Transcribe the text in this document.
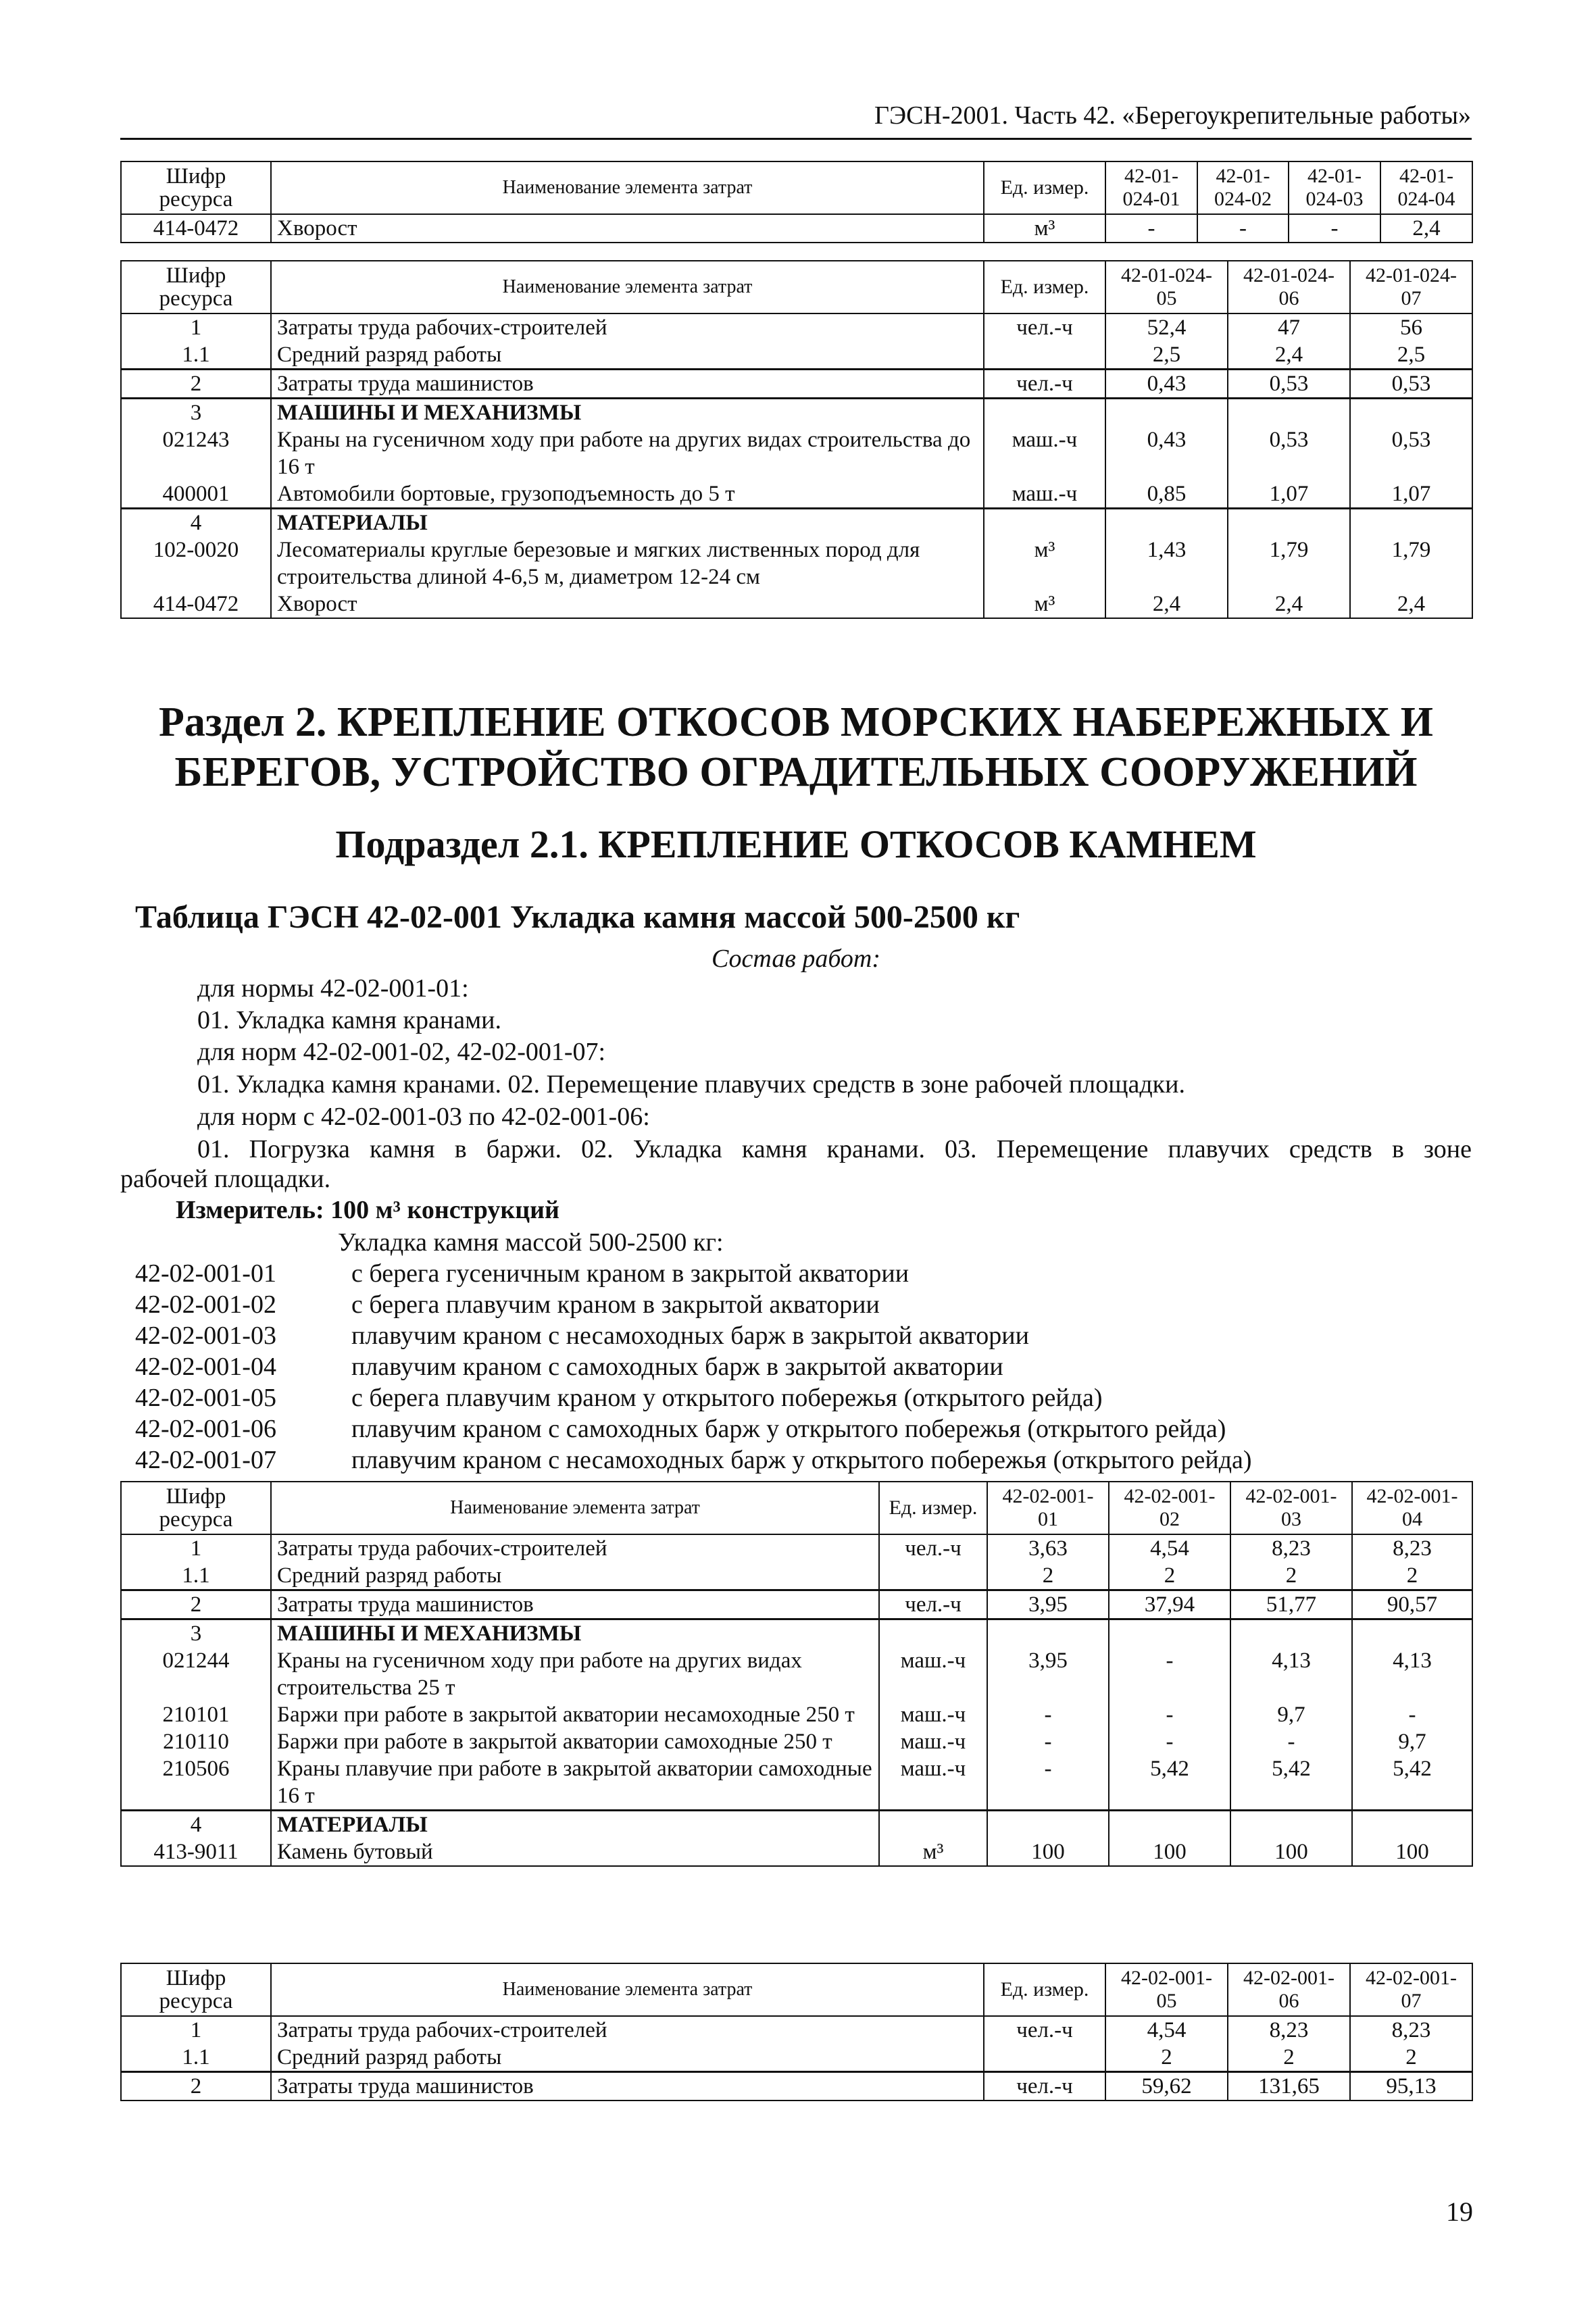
ГЭСН-2001. Часть 42. «Берегоукрепительные работы»
Шифр ресурса	Наименование элемента затрат	Ед. измер.	42-01-024-01	42-01-024-02	42-01-024-03	42-01-024-04
414-0472	Хворост	м³	-	-	-	2,4
Шифр ресурса	Наименование элемента затрат	Ед. измер.	42-01-024-05	42-01-024-06	42-01-024-07
1	Затраты труда рабочих-строителей	чел.-ч	52,4	47	56
1.1	Средний разряд работы		2,5	2,4	2,5
2	Затраты труда машинистов	чел.-ч	0,43	0,53	0,53
3	МАШИНЫ И МЕХАНИЗМЫ				
021243	Краны на гусеничном ходу при работе на других видах строительства до 16 т	маш.-ч	0,43	0,53	0,53
400001	Автомобили бортовые, грузоподъемность до 5 т	маш.-ч	0,85	1,07	1,07
4	МАТЕРИАЛЫ				
102-0020	Лесоматериалы круглые березовые и мягких лиственных пород для строительства длиной 4-6,5 м, диаметром 12-24 см	м³	1,43	1,79	1,79
414-0472	Хворост	м³	2,4	2,4	2,4
Раздел 2. КРЕПЛЕНИЕ ОТКОСОВ МОРСКИХ НАБЕРЕЖНЫХ И
БЕРЕГОВ, УСТРОЙСТВО ОГРАДИТЕЛЬНЫХ СООРУЖЕНИЙ
Подраздел 2.1. КРЕПЛЕНИЕ ОТКОСОВ КАМНЕМ
Таблица ГЭСН 42-02-001 Укладка камня массой 500-2500 кг
Состав работ:
для нормы 42-02-001-01:
01. Укладка камня кранами.
для норм 42-02-001-02, 42-02-001-07:
01. Укладка камня кранами. 02. Перемещение плавучих средств в зоне рабочей площадки.
для норм с 42-02-001-03 по 42-02-001-06:
01. Погрузка камня в баржи. 02. Укладка камня кранами. 03. Перемещение плавучих средств в зоне
рабочей площадки.
Измеритель: 100 м³ конструкций
Укладка камня массой 500-2500 кг:
42-02-001-01	с берега гусеничным краном в закрытой акватории
42-02-001-02	с берега плавучим краном в закрытой акватории
42-02-001-03	плавучим краном с несамоходных барж в закрытой акватории
42-02-001-04	плавучим краном с самоходных барж в закрытой акватории
42-02-001-05	с берега плавучим краном у открытого побережья (открытого рейда)
42-02-001-06	плавучим краном с самоходных барж у открытого побережья (открытого рейда)
42-02-001-07	плавучим краном с несамоходных барж у открытого побережья (открытого рейда)
Шифр ресурса	Наименование элемента затрат	Ед. измер.	42-02-001-01	42-02-001-02	42-02-001-03	42-02-001-04
1	Затраты труда рабочих-строителей	чел.-ч	3,63	4,54	8,23	8,23
1.1	Средний разряд работы		2	2	2	2
2	Затраты труда машинистов	чел.-ч	3,95	37,94	51,77	90,57
3	МАШИНЫ И МЕХАНИЗМЫ					
021244	Краны на гусеничном ходу при работе на других видах строительства 25 т	маш.-ч	3,95	-	4,13	4,13
210101	Баржи при работе в закрытой акватории несамоходные 250 т	маш.-ч	-	-	9,7	-
210110	Баржи при работе в закрытой акватории самоходные 250 т	маш.-ч	-	-	-	9,7
210506	Краны плавучие при работе в закрытой акватории самоходные 16 т	маш.-ч	-	5,42	5,42	5,42
4	МАТЕРИАЛЫ					
413-9011	Камень бутовый	м³	100	100	100	100
Шифр ресурса	Наименование элемента затрат	Ед. измер.	42-02-001-05	42-02-001-06	42-02-001-07
1	Затраты труда рабочих-строителей	чел.-ч	4,54	8,23	8,23
1.1	Средний разряд работы		2	2	2
2	Затраты труда машинистов	чел.-ч	59,62	131,65	95,13
19
